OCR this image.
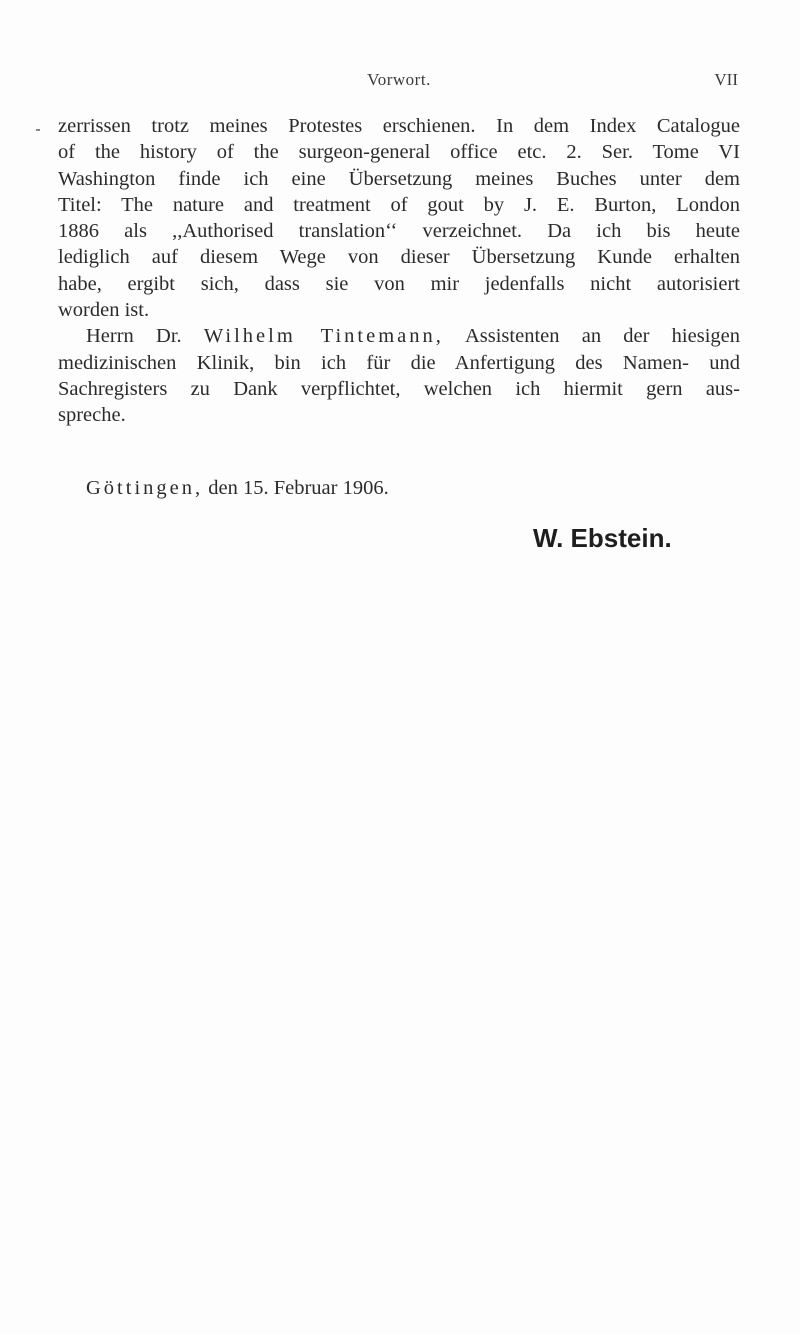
Vorwort.	VII
zerrissen trotz meines Protestes erschienen. In dem Index Catalogue
of the history of the surgeon-general office etc. 2. Ser. Tome VI
Washington finde ich eine Übersetzung meines Buches unter dem
Titel: The nature and treatment of gout by J. E. Burton, London
1886 als ,,Authorised translation‘‘ verzeichnet. Da ich bis heute
lediglich auf diesem Wege von dieser Übersetzung Kunde erhalten
habe, ergibt sich, dass sie von mir jedenfalls nicht autorisiert
worden ist.
Herrn Dr. Wilhelm Tintemann, Assistenten an der hiesigen
medizinischen Klinik, bin ich für die Anfertigung des Namen- und
Sachregisters zu Dank verpflichtet, welchen ich hiermit gern aus-
spreche.
Göttingen, den 15. Februar 1906.
W. Ebstein.
